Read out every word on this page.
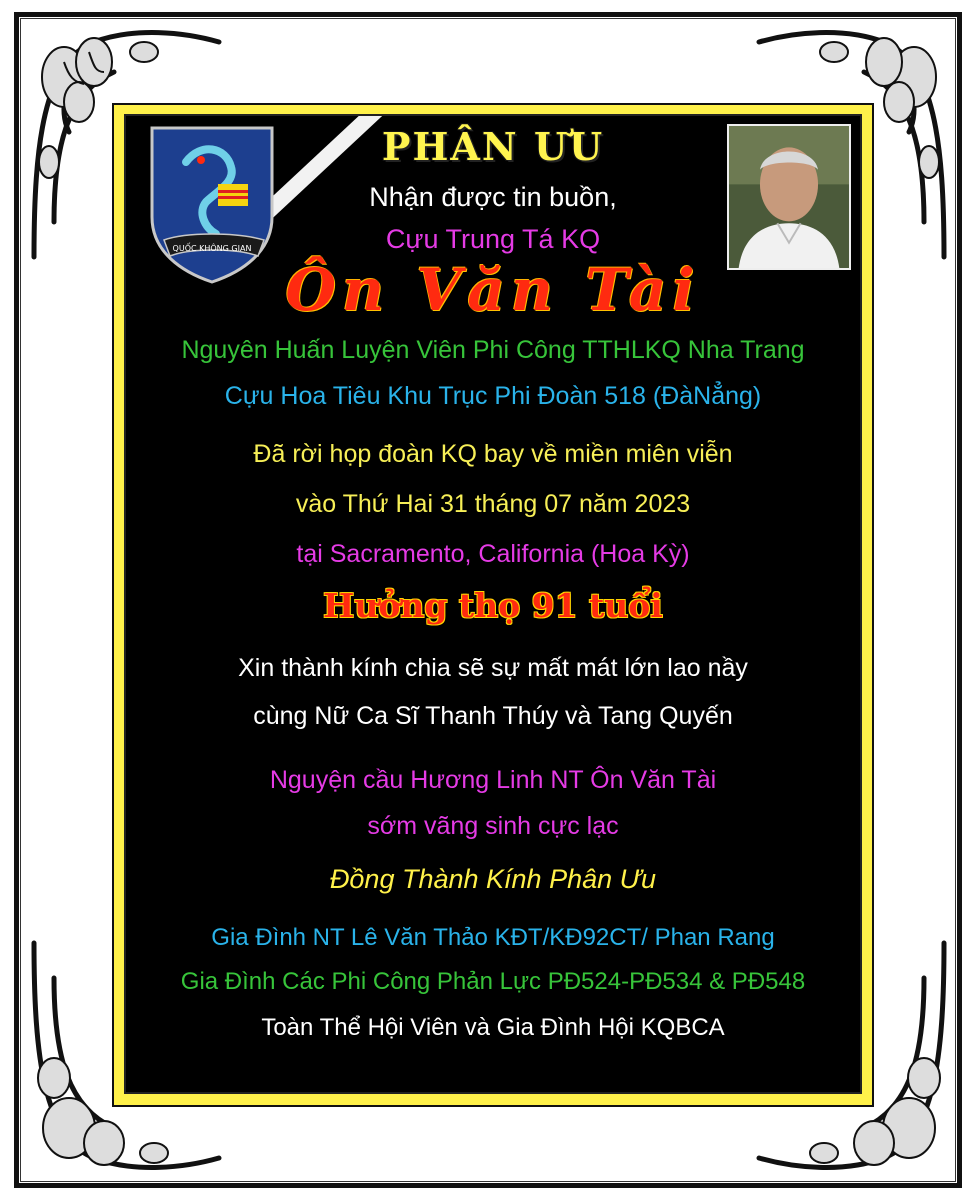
QUỐC KHÔNG GIAN

PHÂN ƯU

Nhận được tin buồn,

Cựu Trung Tá KQ

Ôn Văn Tài

Nguyên Huấn Luyện Viên Phi Công TTHLKQ Nha Trang

Cựu Hoa Tiêu Khu Trục Phi Đoàn 518 (ĐàNẳng)

Đã rời họp đoàn KQ bay về miền miên viễn

vào Thứ Hai 31 tháng 07 năm 2023

tại Sacramento, California (Hoa Kỳ)

Hưởng thọ 91 tuổi

Xin thành kính chia sẽ sự mất mát lớn lao nầy

cùng Nữ Ca Sĩ Thanh Thúy và Tang Quyến

Nguyện cầu Hương Linh NT Ôn Văn Tài

sớm vãng sinh cực lạc

Đồng Thành Kính Phân Ưu

Gia Đình NT Lê Văn Thảo KĐT/KĐ92CT/ Phan Rang

Gia Đình Các Phi Công Phản Lực PĐ524-PĐ534 & PĐ548

Toàn Thể Hội Viên và Gia Đình Hội KQBCA
